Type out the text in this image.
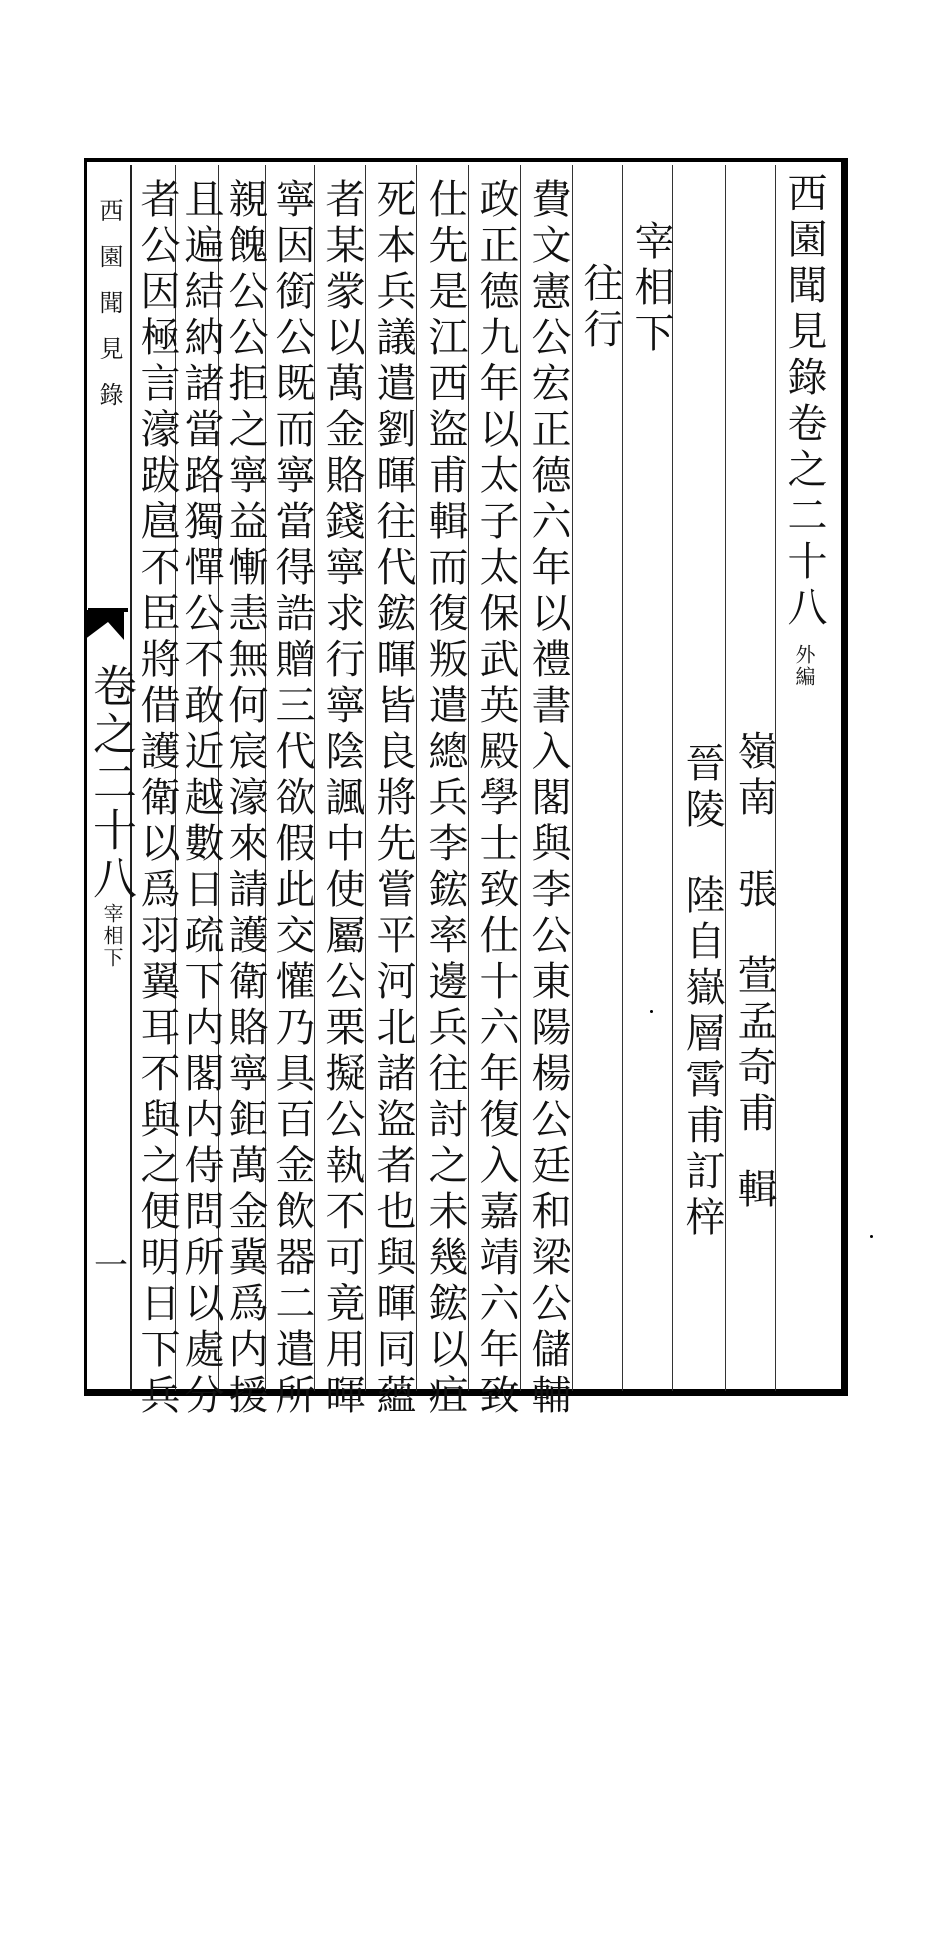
西園聞見錄卷之二十八
外編
嶺南
張
萱孟奇甫
輯
晉陵
陸自嶽層霄甫訂梓
宰相下
往行
費文憲公宏正德六年以禮書入閣與李公東陽楊公廷和梁公儲輔
政正德九年以太子太保武英殿學士致仕十六年復入嘉靖六年致
仕先是江西盜甫輯而復叛遣總兵李鋐率邊兵往討之未幾鋐以疽
死本兵議遣劉暉往代鋐暉皆良將先嘗平河北諸盜者也與暉同蘊
者某䝉以萬金賂錢寧求行寧陰諷中使屬公栗擬公執不可竟用暉
寧因銜公既而寧當得誥贈三代欲假此交懽乃具百金飲器二遣所
親餽公公拒之寧益慚恚無何宸濠來請護衛賂寧鉅萬金冀爲内援
且遍結納諸當路獨憚公不敢近越數日疏下内閣内侍問所以處分
者公因極言濠跋扈不臣將借護衛以爲羽翼耳不與之便明日下兵
西園聞見錄
卷之二十八
宰相下
一
